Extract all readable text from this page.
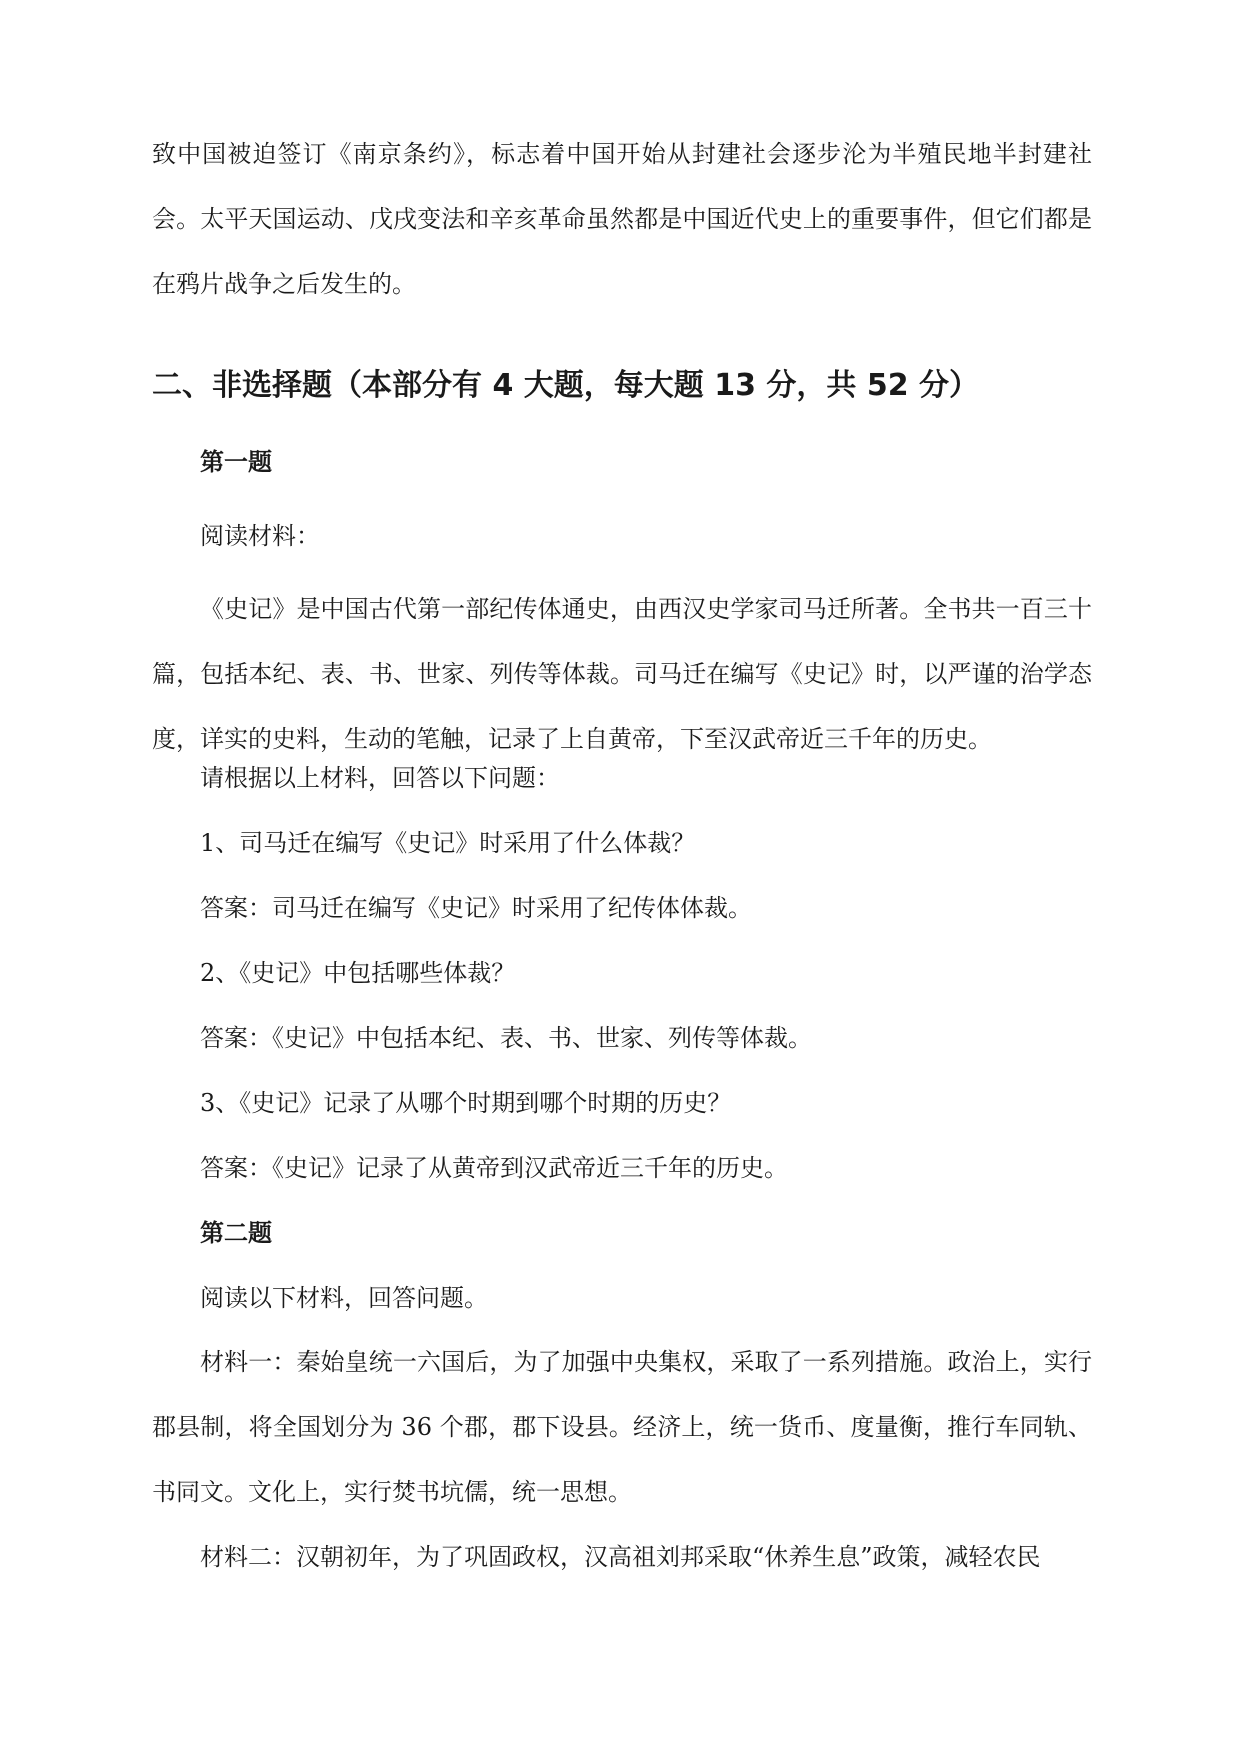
致中国被迫签订《南京条约》，标志着中国开始从封建社会逐步沦为半殖民地半封建社会。太平天国运动、戊戌变法和辛亥革命虽然都是中国近代史上的重要事件，但它们都是在鸦片战争之后发生的。

二、非选择题（本部分有 4 大题，每大题 13 分，共 52 分）
第一题

阅读材料：

《史记》是中国古代第一部纪传体通史，由西汉史学家司马迁所著。全书共一百三十篇，包括本纪、表、书、世家、列传等体裁。司马迁在编写《史记》时，以严谨的治学态度，详实的史料，生动的笔触，记录了上自黄帝，下至汉武帝近三千年的历史。

请根据以上材料，回答以下问题：

1、司马迁在编写《史记》时采用了什么体裁？

答案：司马迁在编写《史记》时采用了纪传体体裁。

2、《史记》中包括哪些体裁？

答案：《史记》中包括本纪、表、书、世家、列传等体裁。

3、《史记》记录了从哪个时期到哪个时期的历史？

答案：《史记》记录了从黄帝到汉武帝近三千年的历史。

第二题

阅读以下材料，回答问题。

材料一：秦始皇统一六国后，为了加强中央集权，采取了一系列措施。政治上，实行郡县制，将全国划分为 36 个郡，郡下设县。经济上，统一货币、度量衡，推行车同轨、书同文。文化上，实行焚书坑儒，统一思想。

材料二：汉朝初年，为了巩固政权，汉高祖刘邦采取“休养生息”政策，减轻农民
